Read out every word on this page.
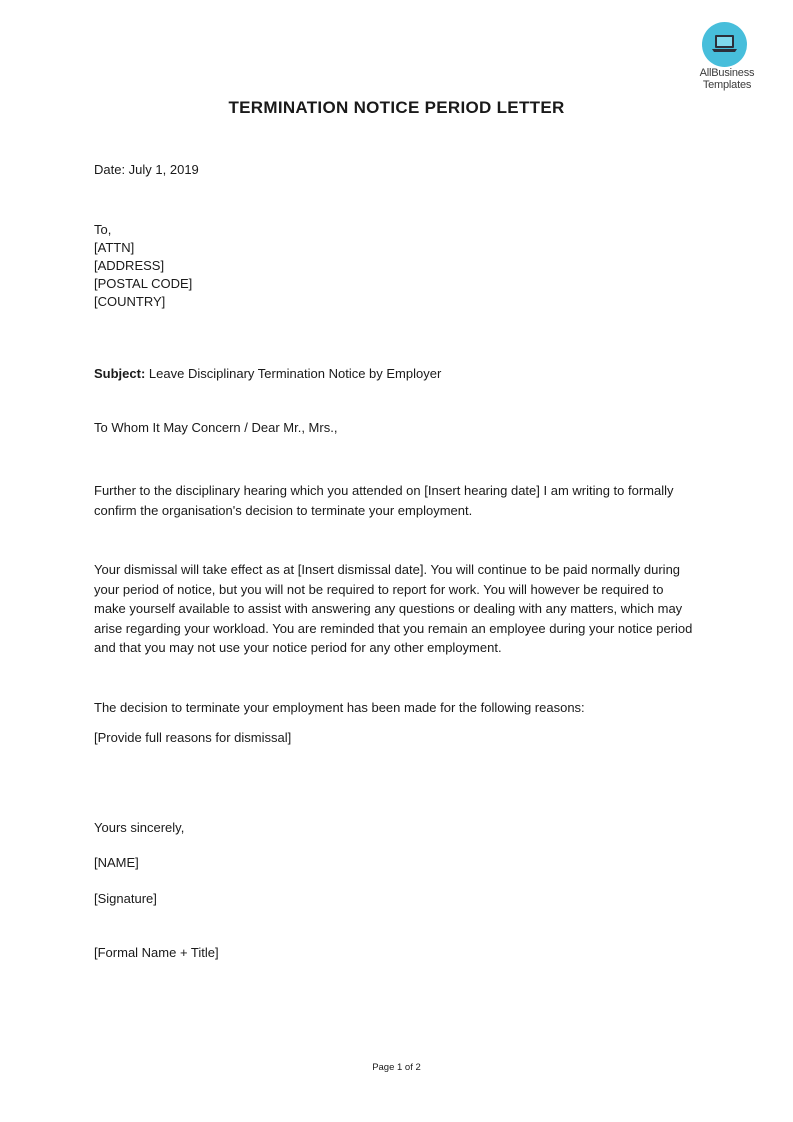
AllBusiness
Templates
TERMINATION NOTICE PERIOD LETTER

Date: July 1, 2019

To,

[ATTN]

[ADDRESS]

[POSTAL CODE]

[COUNTRY]

Subject: Leave Disciplinary Termination Notice by Employer

To Whom It May Concern / Dear Mr., Mrs.,

Further to the disciplinary hearing which you attended on [Insert hearing date] I am writing to formally confirm the organisation's decision to terminate your employment.

Your dismissal will take effect as at [Insert dismissal date]. You will continue to be paid normally during your period of notice, but you will not be required to report for work. You will however be required to make yourself available to assist with answering any questions or dealing with any matters, which may arise regarding your workload. You are reminded that you remain an employee during your notice period and that you may not use your notice period for any other employment.

The decision to terminate your employment has been made for the following reasons:

[Provide full reasons for dismissal]

Yours sincerely,

[NAME]

[Signature]

[Formal Name + Title]

Page 1 of 2
